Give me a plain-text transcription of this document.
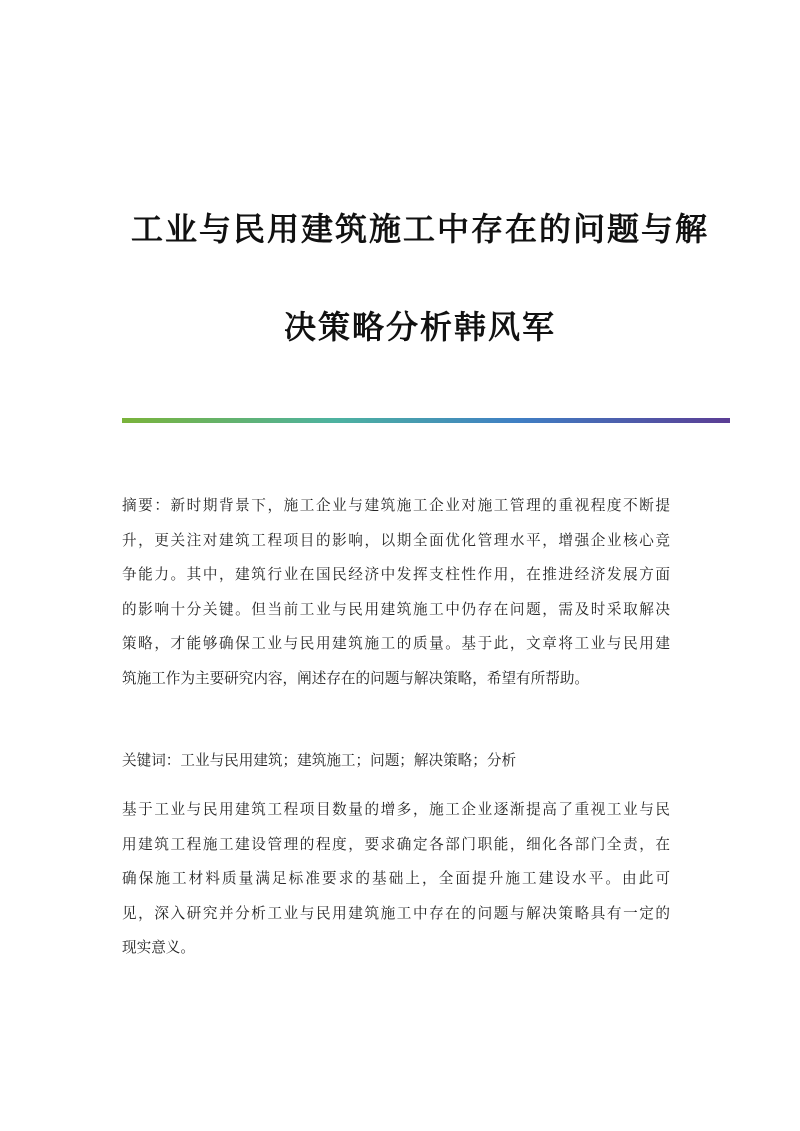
工业与民用建筑施工中存在的问题与解
决策略分析韩风军
摘要：新时期背景下，施工企业与建筑施工企业对施工管理的重视程度不断提
升，更关注对建筑工程项目的影响，以期全面优化管理水平，增强企业核心竞
争能力。其中，建筑行业在国民经济中发挥支柱性作用，在推进经济发展方面
的影响十分关键。但当前工业与民用建筑施工中仍存在问题，需及时采取解决
策略，才能够确保工业与民用建筑施工的质量。基于此，文章将工业与民用建
筑施工作为主要研究内容，阐述存在的问题与解决策略，希望有所帮助。
关键词：工业与民用建筑；建筑施工；问题；解决策略；分析
基于工业与民用建筑工程项目数量的增多，施工企业逐渐提高了重视工业与民
用建筑工程施工建设管理的程度，要求确定各部门职能，细化各部门全责，在
确保施工材料质量满足标准要求的基础上，全面提升施工建设水平。由此可
见，深入研究并分析工业与民用建筑施工中存在的问题与解决策略具有一定的
现实意义。
